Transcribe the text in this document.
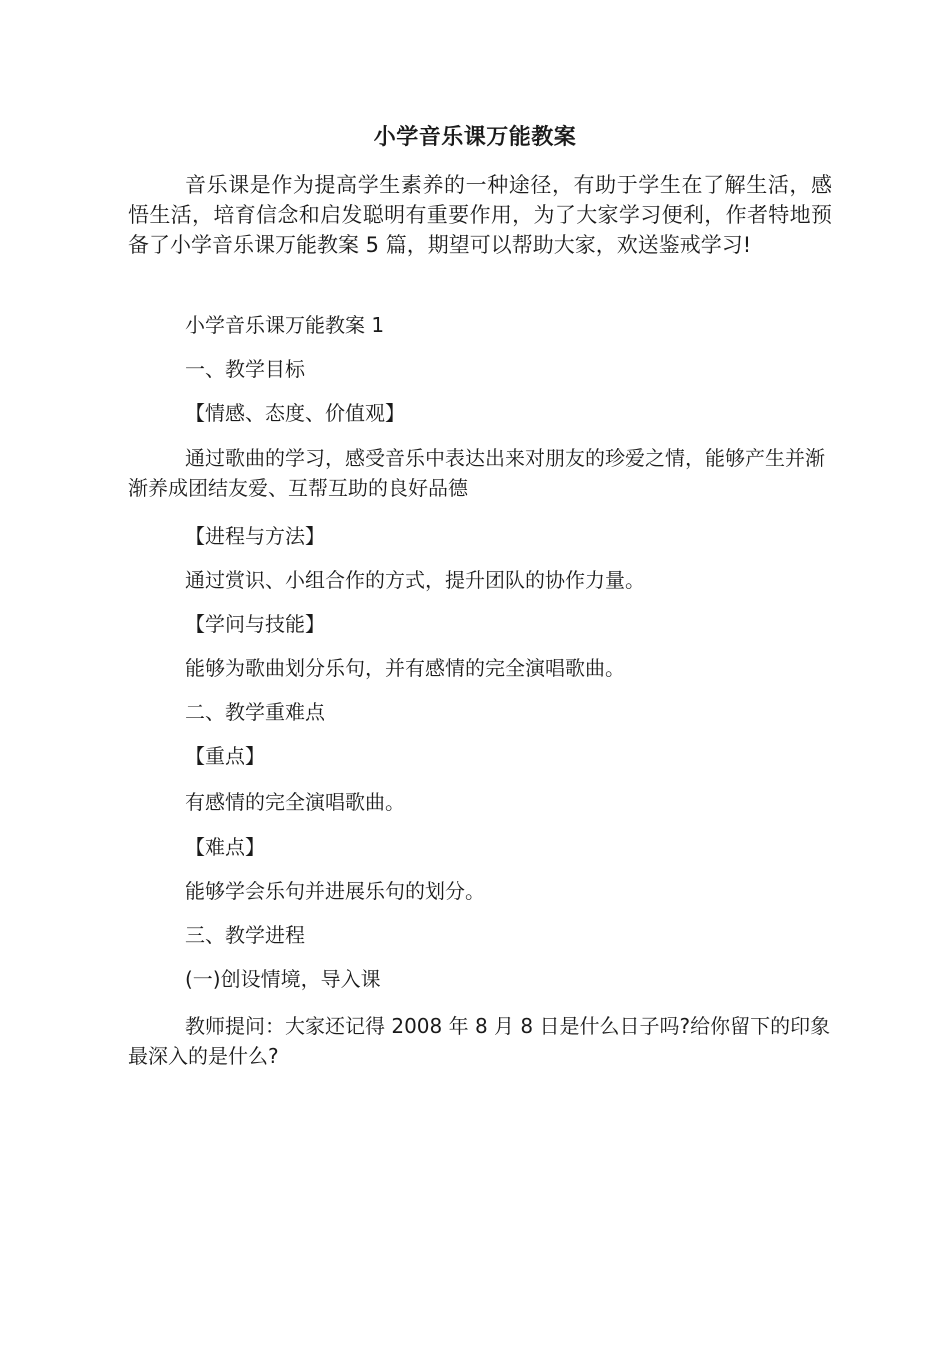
小学音乐课万能教案

音乐课是作为提高学生素养的一种途径，有助于学生在了解生活，感悟生活，培育信念和启发聪明有重要作用，为了大家学习便利，作者特地预备了小学音乐课万能教案 5 篇，期望可以帮助大家，欢送鉴戒学习!

小学音乐课万能教案 1
一、教学目标
【情感、态度、价值观】

通过歌曲的学习，感受音乐中表达出来对朋友的珍爱之情，能够产生并渐渐养成团结友爱、互帮互助的良好品德

【进程与方法】
通过赏识、小组合作的方式，提升团队的协作力量。
【学问与技能】
能够为歌曲划分乐句，并有感情的完全演唱歌曲。
二、教学重难点
【重点】
有感情的完全演唱歌曲。
【难点】
能够学会乐句并进展乐句的划分。
三、教学进程
(一)创设情境，导入课

教师提问：大家还记得 2008 年 8 月 8 日是什么日子吗?给你留下的印象最深入的是什么?
